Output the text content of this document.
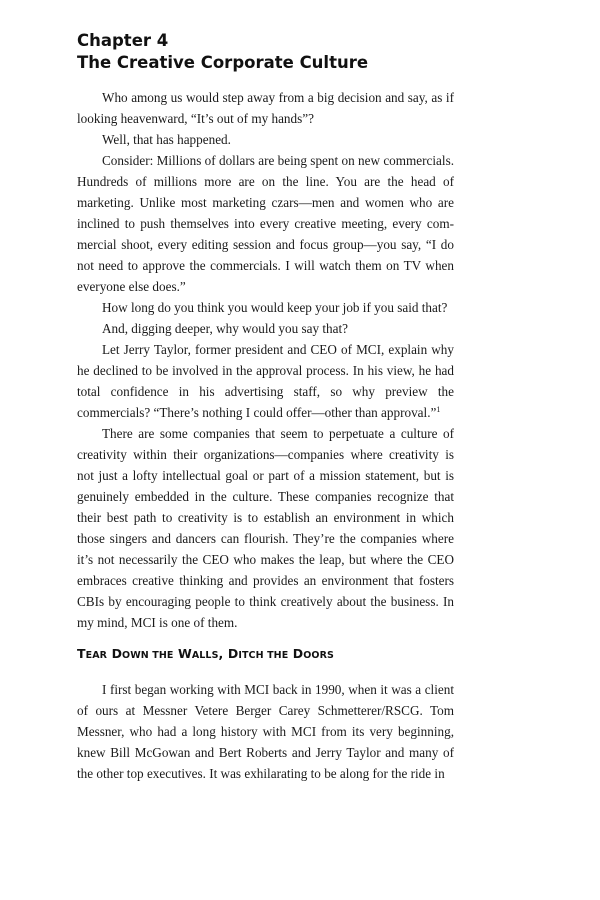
Chapter 4
The Creative Corporate Culture

Who among us would step away from a big decision and say, as if looking heavenward, “It’s out of my hands”?

Well, that has happened.

Consider: Millions of dollars are being spent on new commercials. Hundreds of millions more are on the line. You are the head of marketing. Unlike most marketing czars—men and women who are inclined to push themselves into every creative meeting, every commercial shoot, every editing session and focus group—you say, “I do not need to approve the commercials. I will watch them on TV when everyone else does.”

How long do you think you would keep your job if you said that?

And, digging deeper, why would you say that?

Let Jerry Taylor, former president and CEO of MCI, explain why he declined to be involved in the approval process. In his view, he had total confidence in his advertising staff, so why preview the commercials? “There’s nothing I could offer—other than approval.”$^1$

There are some companies that seem to perpetuate a culture of creativity within their organizations—companies where creativity is not just a lofty intellectual goal or part of a mission statement, but is genuinely embedded in the culture. These companies recognize that their best path to creativity is to establish an environment in which those singers and dancers can flourish. They’re the companies where it’s not necessarily the CEO who makes the leap, but where the CEO embraces creative thinking and provides an environment that fosters CBIs by encouraging people to think creatively about the business. In my mind, MCI is one of them.

TEAR DOWN THE WALLS, DITCH THE DOORS

I first began working with MCI back in 1990, when it was a client of ours at Messner Vetere Berger Carey Schmetterer/RSCG. Tom Messner, who had a long history with MCI from its very beginning, knew Bill McGowan and Bert Roberts and Jerry Taylor and many of the other top executives. It was exhilarating to be along for the ride in
